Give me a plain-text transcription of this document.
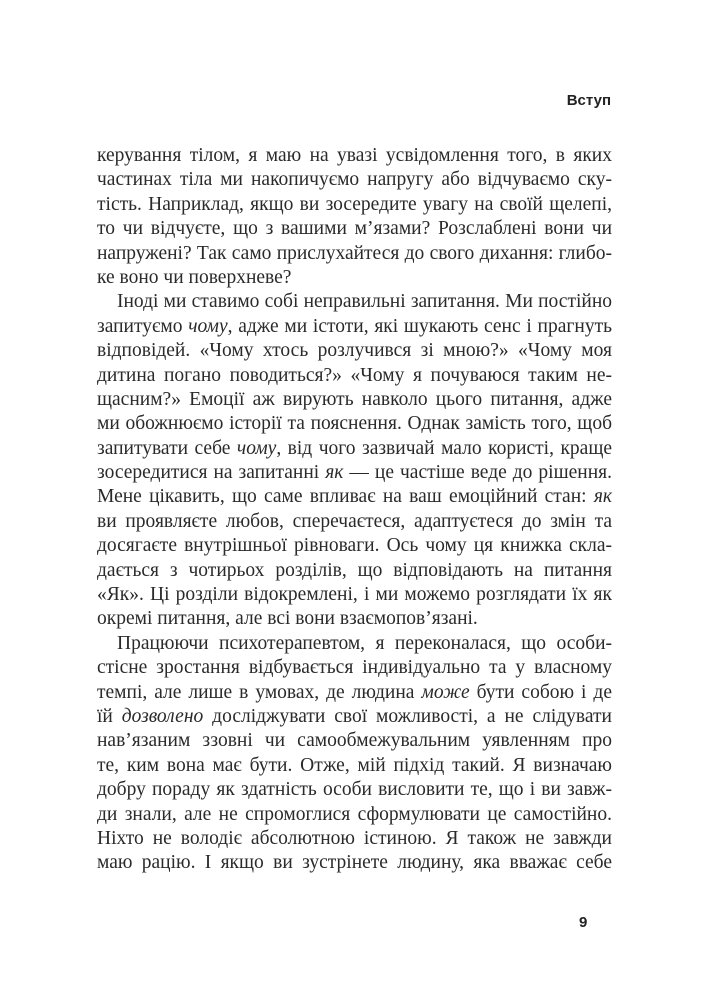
Вступ
керування тілом, я маю на увазі усвідомлення того, в яких
частинах тіла ми накопичуємо напругу або відчуваємо ску-
тість. Наприклад, якщо ви зосередите увагу на своїй щелепі,
то чи відчуєте, що з вашими м’язами? Розслаблені вони чи
напружені? Так само прислухайтеся до свого дихання: глибо-
ке воно чи поверхневе?
Іноді ми ставимо собі неправильні запитання. Ми постійно
запитуємо чому, адже ми істоти, які шукають сенс і прагнуть
відповідей. «Чому хтось розлучився зі мною?» «Чому моя
дитина погано поводиться?» «Чому я почуваюся таким не-
щасним?» Емоції аж вирують навколо цього питання, адже
ми обожнюємо історії та пояснення. Однак замість того, щоб
запитувати себе чому, від чого зазвичай мало користі, краще
зосередитися на запитанні як — це частіше веде до рішення.
Мене цікавить, що саме впливає на ваш емоційний стан: як
ви проявляєте любов, сперечаєтеся, адаптуєтеся до змін та
досягаєте внутрішньої рівноваги. Ось чому ця книжка скла-
дається з чотирьох розділів, що відповідають на питання
«Як». Ці розділи відокремлені, і ми можемо розглядати їх як
окремі питання, але всі вони взаємопов’язані.
Працюючи психотерапевтом, я переконалася, що особи-
стісне зростання відбувається індивідуально та у власному
темпі, але лише в умовах, де людина може бути собою і де
їй дозволено досліджувати свої можливості, а не слідувати
нав’язаним ззовні чи самообмежувальним уявленням про
те, ким вона має бути. Отже, мій підхід такий. Я визначаю
добру пораду як здатність особи висловити те, що і ви завж-
ди знали, але не спромоглися сформулювати це самостійно.
Ніхто не володіє абсолютною істиною. Я також не завжди
маю рацію. І якщо ви зустрінете людину, яка вважає себе
9
